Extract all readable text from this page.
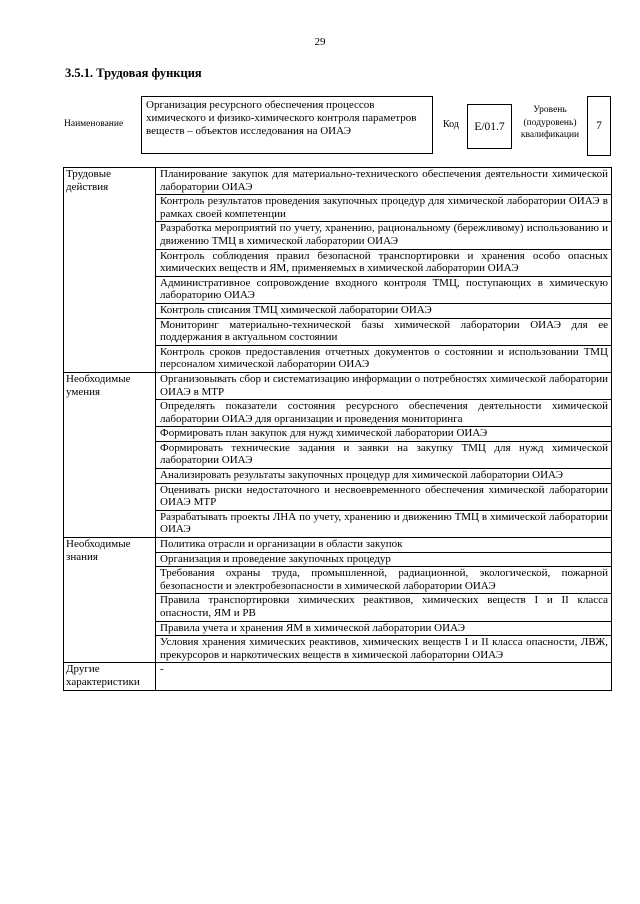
29
3.5.1. Трудовая функция
Наименование
Организация ресурсного обеспечения процессов химического и физико-химического контроля параметров веществ – объектов исследования на ОИАЭ
Код	E/01.7
Уровень (подуровень) квалификации
7
Трудовые действия	Планирование закупок для материально-технического обеспечения деятельности химической лаборатории ОИАЭ
	Контроль результатов проведения закупочных процедур для химической лаборатории ОИАЭ в рамках своей компетенции
	Разработка мероприятий по учету, хранению, рациональному (бережливому) использованию и движению ТМЦ в химической лаборатории ОИАЭ
	Контроль соблюдения правил безопасной транспортировки и хранения особо опасных химических веществ и ЯМ, применяемых в химической лаборатории ОИАЭ
	Административное сопровождение входного контроля ТМЦ, поступающих в химическую лабораторию ОИАЭ
	Контроль списания ТМЦ химической лаборатории ОИАЭ
	Мониторинг материально-технической базы химической лаборатории ОИАЭ для ее поддержания в актуальном состоянии
	Контроль сроков предоставления отчетных документов о состоянии и использовании ТМЦ персоналом химической лаборатории ОИАЭ
Необходимые умения	Организовывать сбор и систематизацию информации о потребностях химической лаборатории ОИАЭ в МТР
	Определять показатели состояния ресурсного обеспечения деятельности химической лаборатории ОИАЭ для организации и проведения мониторинга
	Формировать план закупок для нужд химической лаборатории ОИАЭ
	Формировать технические задания и заявки на закупку ТМЦ для нужд химической лаборатории ОИАЭ
	Анализировать результаты закупочных процедур для химической лаборатории ОИАЭ
	Оценивать риски недостаточного и несвоевременного обеспечения химической лаборатории ОИАЭ МТР
	Разрабатывать проекты ЛНА по учету, хранению и движению ТМЦ в химической лаборатории ОИАЭ
Необходимые знания	Политика отрасли и организации в области закупок
	Организация и проведение закупочных процедур
	Требования охраны труда, промышленной, радиационной, экологической, пожарной безопасности и электробезопасности в химической лаборатории ОИАЭ
	Правила транспортировки химических реактивов, химических веществ I и II класса опасности, ЯМ и РВ
	Правила учета и хранения ЯМ в химической лаборатории ОИАЭ
	Условия хранения химических реактивов, химических веществ I и II класса опасности, ЛВЖ, прекурсоров и наркотических веществ в химической лаборатории ОИАЭ
Другие характеристики	-
